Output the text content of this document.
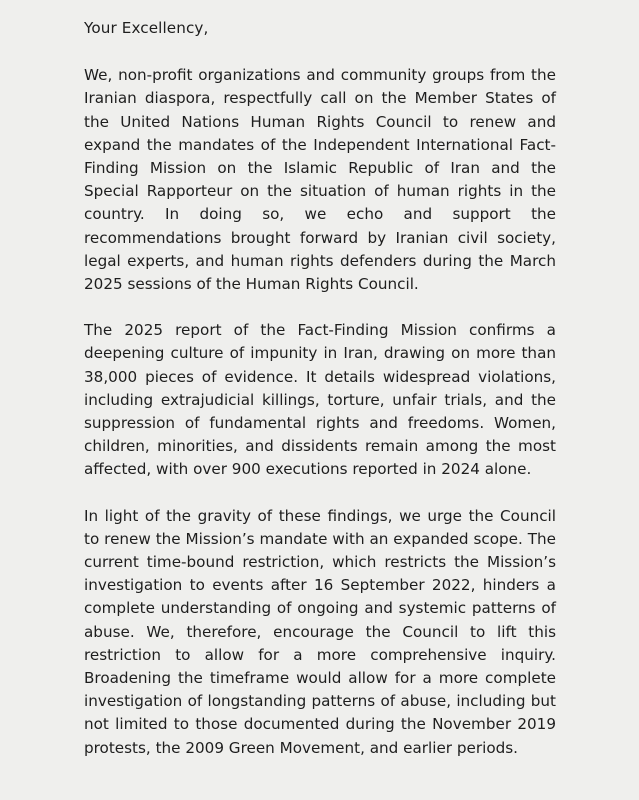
Your Excellency,

We, non-profit organizations and community groups from the Iranian diaspora, respectfully call on the Member States of the United Nations Human Rights Council to renew and expand the mandates of the Independent International Fact-Finding Mission on the Islamic Republic of Iran and the Special Rapporteur on the situation of human rights in the country. In doing so, we echo and support the recommendations brought forward by Iranian civil society, legal experts, and human rights defenders during the March 2025 sessions of the Human Rights Council.

The 2025 report of the Fact-Finding Mission confirms a deepening culture of impunity in Iran, drawing on more than 38,000 pieces of evidence. It details widespread violations, including extrajudicial killings, torture, unfair trials, and the suppression of fundamental rights and freedoms. Women, children, minorities, and dissidents remain among the most affected, with over 900 executions reported in 2024 alone.

In light of the gravity of these findings, we urge the Council to renew the Mission’s mandate with an expanded scope. The current time-bound restriction, which restricts the Mission’s investigation to events after 16 September 2022, hinders a complete understanding of ongoing and systemic patterns of abuse. We, therefore, encourage the Council to lift this restriction to allow for a more comprehensive inquiry. Broadening the timeframe would allow for a more complete investigation of longstanding patterns of abuse, including but not limited to those documented during the November 2019 protests, the 2009 Green Movement, and earlier periods.
